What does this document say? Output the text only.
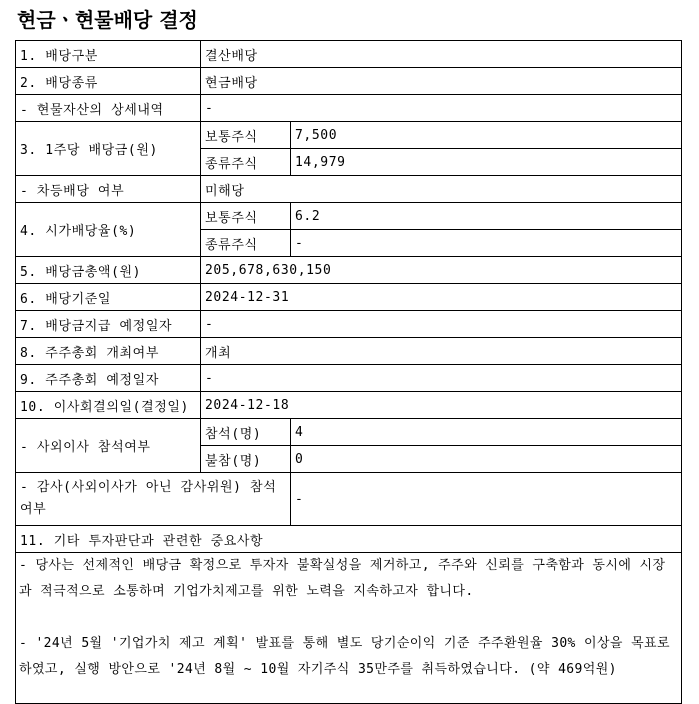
현금ㆍ현물배당 결정
1. 배당구분	결산배당	
2. 배당종류	현금배당	
- 현물자산의 상세내역	-	
3. 1주당 배당금(원)	보통주식	7,500
	종류주식	14,979
- 차등배당 여부	미해당	
4. 시가배당율(%)	보통주식	6.2
	종류주식	-
5. 배당금총액(원)	205,678,630,150	
6. 배당기준일	2024-12-31	
7. 배당금지급 예정일자	-	
8. 주주총회 개최여부	개최	
9. 주주총회 예정일자	-	
10. 이사회결의일(결정일)	2024-12-18	
- 사외이사 참석여부	참석(명)	4
	불참(명)	0
- 감사(사외이사가 아닌 감사위원) 참석여부		-
11. 기타 투자판단과 관련한 중요사항		

- 당사는 선제적인 배당금 확정으로 투자자 불확실성을 제거하고, 주주와 신뢰를 구축함과 동시에 시장과 적극적으로 소통하며 기업가치제고를 위한 노력을 지속하고자 합니다.

- '24년 5월 '기업가치 제고 계획' 발표를 통해 별도 당기순이익 기준 주주환원율 30% 이상을 목표로 하였고, 실행 방안으로 '24년 8월 ~ 10월 자기주식 35만주를 취득하였습니다. (약 469억원)		
